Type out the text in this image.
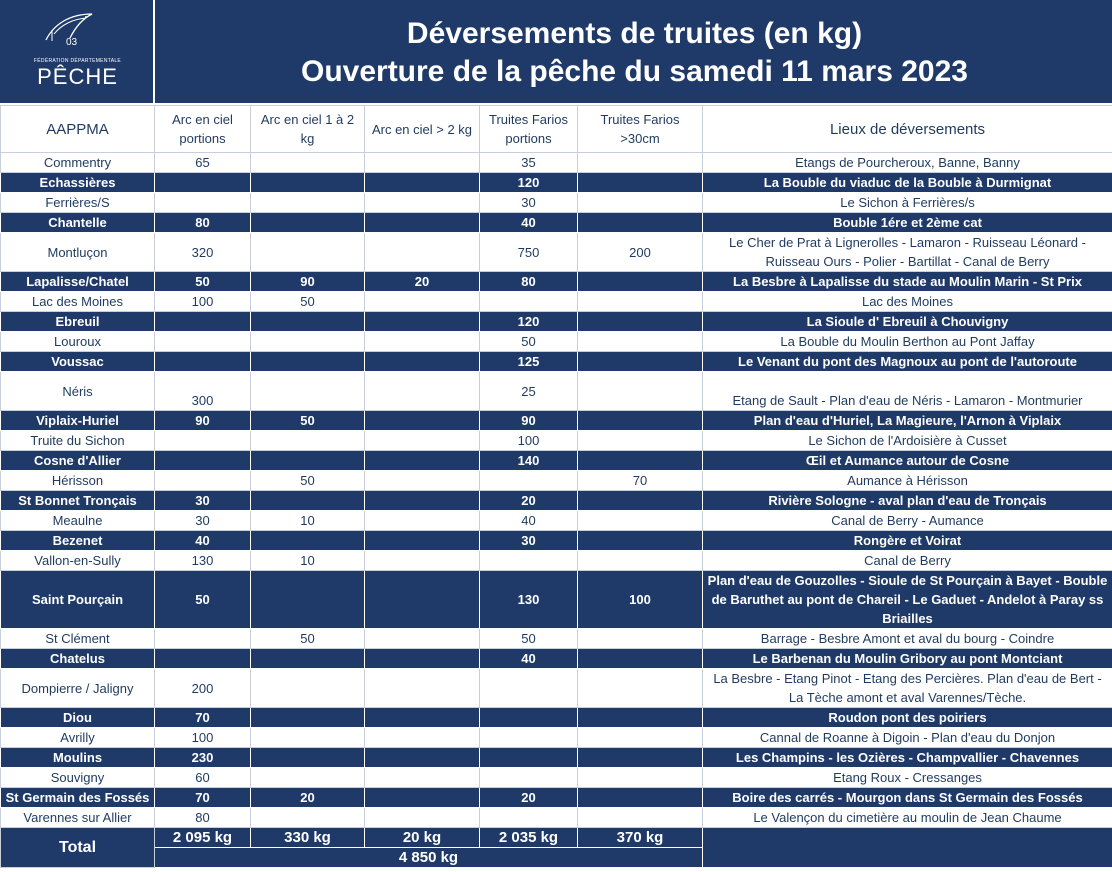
03
FÉDÉRATION DÉPARTEMENTALE
PÊCHE
Déversements de truites (en kg)
Ouverture de la pêche du samedi 11 mars 2023
AAPPMA	Arc en ciel portions	Arc en ciel 1 à 2 kg	Arc en ciel > 2 kg	Truites Farios portions	Truites Farios >30cm	Lieux de déversements
Commentry	65			35		Etangs de Pourcheroux, Banne, Banny
Echassières				120		La Bouble du viaduc de la Bouble à Durmignat
Ferrières/S				30		Le Sichon à Ferrières/s
Chantelle	80			40		Bouble 1ére et 2ème cat
Montluçon	320			750	200	Le Cher de Prat à Lignerolles - Lamaron - Ruisseau Léonard - Ruisseau Ours - Polier - Bartillat - Canal de Berry
Lapalisse/Chatel	50	90	20	80		La Besbre à Lapalisse du stade au Moulin Marin - St Prix
Lac des Moines	100	50				Lac des Moines
Ebreuil				120		La Sioule d' Ebreuil à Chouvigny
Louroux				50		La Bouble du Moulin Berthon au Pont Jaffay
Voussac				125		Le Venant du pont des Magnoux au pont de l'autoroute
Néris	300			25		Etang de Sault - Plan d'eau de Néris - Lamaron - Montmurier
Viplaix-Huriel	90	50		90		Plan d'eau d'Huriel, La Magieure, l'Arnon à Viplaix
Truite du Sichon				100		Le Sichon de l'Ardoisière à Cusset
Cosne d'Allier				140		Œil et Aumance autour de Cosne
Hérisson		50			70	Aumance à Hérisson
St Bonnet Tronçais	30			20		Rivière Sologne - aval plan d'eau de Tronçais
Meaulne	30	10		40		Canal de Berry - Aumance
Bezenet	40			30		Rongère et Voirat
Vallon-en-Sully	130	10				Canal de Berry
Saint Pourçain	50			130	100	Plan d'eau de Gouzolles - Sioule de St Pourçain à Bayet - Bouble de Baruthet au pont de Chareil - Le Gaduet - Andelot à Paray ss Briailles
St Clément		50		50		Barrage - Besbre Amont et aval du bourg - Coindre
Chatelus				40		Le Barbenan du Moulin Gribory au pont Montciant
Dompierre / Jaligny	200					La Besbre - Etang Pinot - Etang des Percières. Plan d'eau de Bert - La Tèche amont et aval Varennes/Tèche.
Diou	70					Roudon pont des poiriers
Avrilly	100					Cannal de Roanne à Digoin - Plan d'eau du Donjon
Moulins	230					Les Champins - les Ozières - Champvallier - Chavennes
Souvigny	60					Etang Roux - Cressanges
St Germain des Fossés	70	20		20		Boire des carrés - Mourgon dans St Germain des Fossés
Varennes sur Allier	80					Le Valençon du cimetière au moulin de Jean Chaume
Total	2 095 kg	330 kg	20 kg	2 035 kg	370 kg	
	4 850 kg					
